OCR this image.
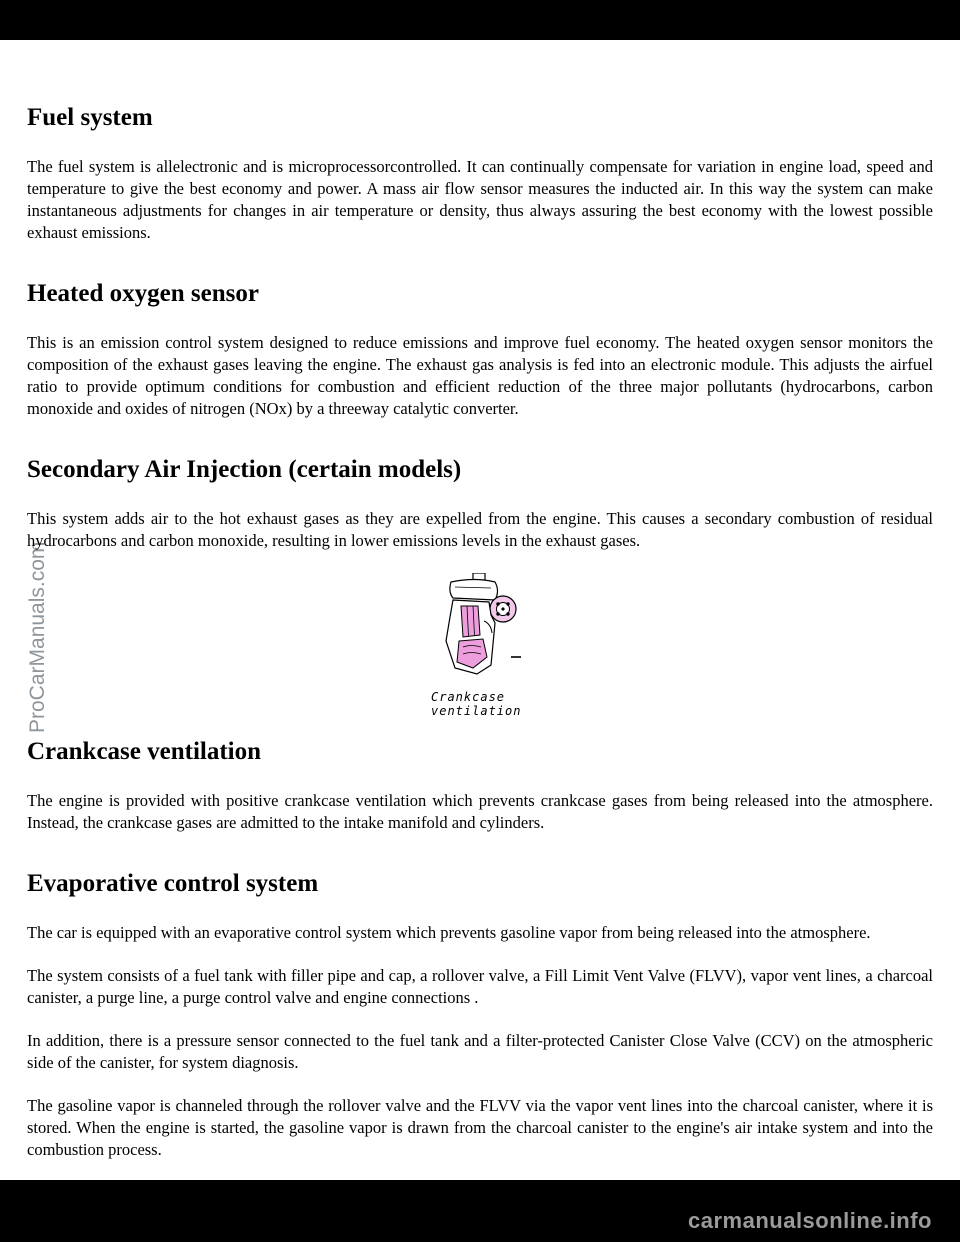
ProCarManuals.com
Fuel system

The fuel system is allelectronic and is microprocessorcontrolled. It can continually compensate for variation in engine load, speed and temperature to give the best economy and power. A mass air flow sensor measures the inducted air. In this way the system can make instantaneous adjustments for changes in air temperature or density, thus always assuring the best economy with the lowest possible exhaust emissions.

Heated oxygen sensor

This is an emission control system designed to reduce emissions and improve fuel economy. The heated oxygen sensor monitors the composition of the exhaust gases leaving the engine. The exhaust gas analysis is fed into an electronic module. This adjusts the airfuel ratio to provide optimum conditions for combustion and efficient reduction of the three major pollutants (hydrocarbons, carbon monoxide and oxides of nitrogen (NOx) by a threeway catalytic converter.

Secondary Air Injection (certain models)

This system adds air to the hot exhaust gases as they are expelled from the engine. This causes a secondary combustion of residual hydrocarbons and carbon monoxide, resulting in lower emissions levels in the exhaust gases.

Crankcase
ventilation
Crankcase ventilation

The engine is provided with positive crankcase ventilation which prevents crankcase gases from being released into the atmosphere. Instead, the crankcase gases are admitted to the intake manifold and cylinders.

Evaporative control system

The car is equipped with an evaporative control system which prevents gasoline vapor from being released into the atmosphere.

The system consists of a fuel tank with filler pipe and cap, a rollover valve, a Fill Limit Vent Valve (FLVV), vapor vent lines, a charcoal canister, a purge line, a purge control valve and engine connections .

In addition, there is a pressure sensor connected to the fuel tank and a filter-protected Canister Close Valve (CCV) on the atmospheric side of the canister, for system diagnosis.

The gasoline vapor is channeled through the rollover valve and the FLVV via the vapor vent lines into the charcoal canister, where it is stored. When the engine is started, the gasoline vapor is drawn from the charcoal canister to the engine's air intake system and into the combustion process.

NOTE:

carmanualsonline.info
